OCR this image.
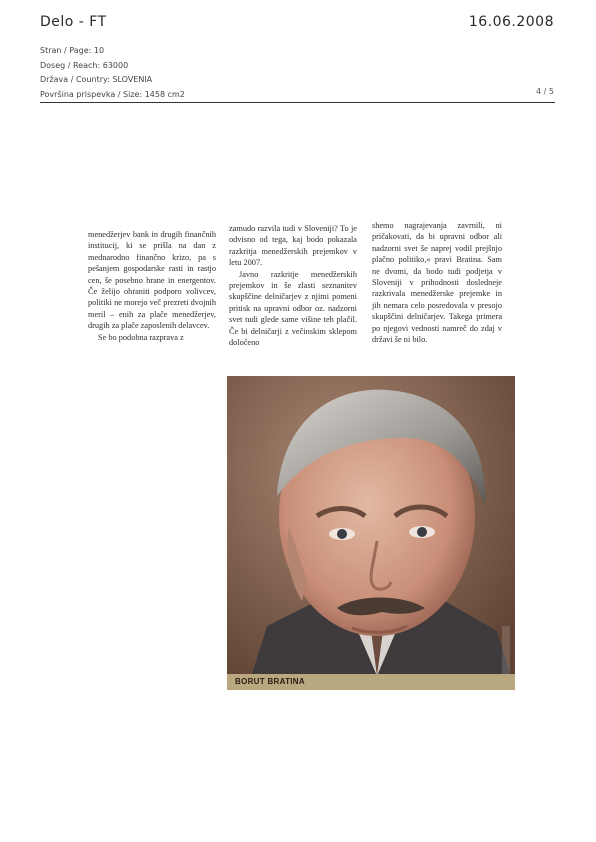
Delo - FT	16.06.2008
Stran / Page: 10
Doseg / Reach: 63000
Država / Country: SLOVENIA
Površina prispevka / Size: 1458 cm2	4 / 5

menedžerjev bank in drugih finančnih institucij, ki se prišla na dan z mednarodno finančno krizo, pa s pešanjem gospodarske rasti in rastjo cen, še posebno hrane in energentov. Če želijo ohraniti podporo volivcev, politiki ne morejo več prezreti dvojnih meril – enih za plače menedžerjev, drugih za plače zaposlenih delavcev.

Se bo podobna razprava z

zamudo razvila tudi v Sloveniji? To je odvisno od tega, kaj bodo pokazala razkritja menedžerskih prejemkov v letu 2007.

Javno razkritje menedžerskih prejemkov in še zlasti seznanitev skupščine delničarjev z njimi pomeni pritisk na upravni odbor oz. nadzorni svet tudi glede same višine teh plačil. Če bi delničarji z večinskim sklepom določeno

shemo nagrajevanja zavrnili, ni pričakovati, da bi upravni odbor ali nadzorni svet še naprej vodil prejšnjo plačno politiko,« pravi Bratina. Sam ne dvomi, da bodo tudi podjetja v Sloveniji v prihodnosti dosledneje razkrivala menedžerske prejemke in jih nemara celo posredovala v presojo skupščini delničarjev. Takega primera po njegovi vednosti namreč do zdaj v državi še ni bilo.

BORUT BRATINA
